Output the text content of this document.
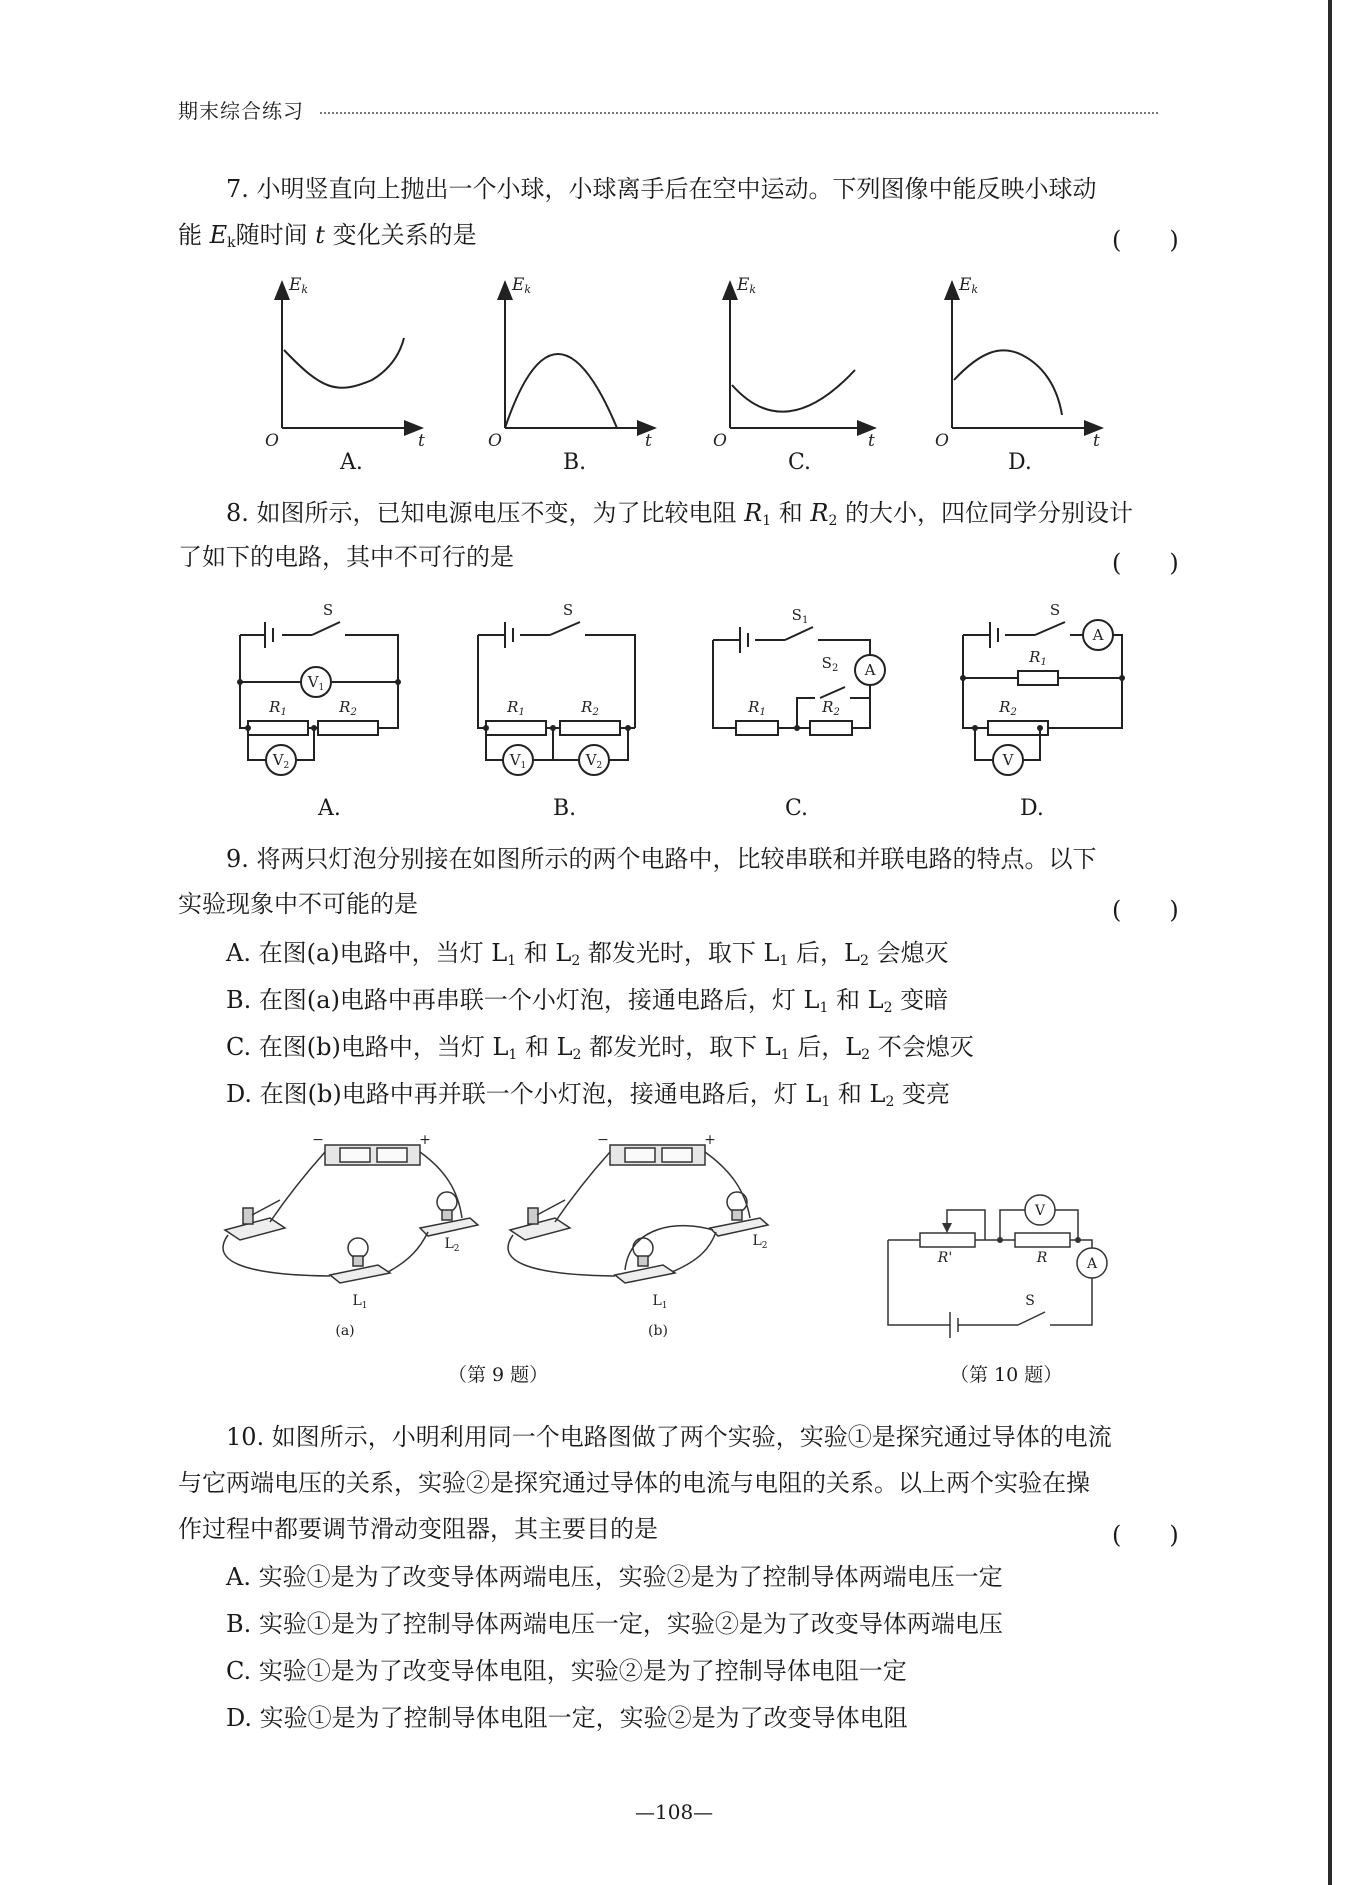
期末综合练习
7. 小明竖直向上抛出一个小球，小球离手后在空中运动。下列图像中能反映小球动
能 $E_k$随时间 t 变化关系的是	(　　)
Ek	Ek	Ek	Ek
t	t	t	t
O	O	O	O
A.	B.	C.	D.
8. 如图所示，已知电源电压不变，为了比较电阻 $R_1$ 和 $R_2$ 的大小，四位同学分别设计
了如下的电路，其中不可行的是	(　　)
S	S	$S_1$
$S_2$
S
$R_1$	$R_2$	$R_1$	$R_2$	$R_1$	$R_2$
$R_1$
$R_2$
$V_1$
$V_2$	$V_1$	$V_2$
A
A
V
A.	B.	C.	D.
9. 将两只灯泡分别接在如图所示的两个电路中，比较串联和并联电路的特点。以下
实验现象中不可能的是	(　　)
A. 在图(a)电路中，当灯 $L_1$ 和 $L_2$ 都发光时，取下 $L_1$ 后，$L_2$ 会熄灭
B. 在图(a)电路中再串联一个小灯泡，接通电路后，灯 $L_1$ 和 $L_2$ 变暗
C. 在图(b)电路中，当灯 $L_1$ 和 $L_2$ 都发光时，取下 $L_1$ 后，$L_2$ 不会熄灭
D. 在图(b)电路中再并联一个小灯泡，接通电路后，灯 $L_1$ 和 $L_2$ 变亮
−	+	−	+
$L_2$
$L_1$
$L_2$
$L_1$
(a)	(b)
V
A
S
R'	R
（第 9 题）	（第 10 题）
10. 如图所示，小明利用同一个电路图做了两个实验，实验①是探究通过导体的电流
与它两端电压的关系，实验②是探究通过导体的电流与电阻的关系。以上两个实验在操
作过程中都要调节滑动变阻器，其主要目的是	(　　)
A. 实验①是为了改变导体两端电压，实验②是为了控制导体两端电压一定
B. 实验①是为了控制导体两端电压一定，实验②是为了改变导体两端电压
C. 实验①是为了改变导体电阻，实验②是为了控制导体电阻一定
D. 实验①是为了控制导体电阻一定，实验②是为了改变导体电阻
—108—
